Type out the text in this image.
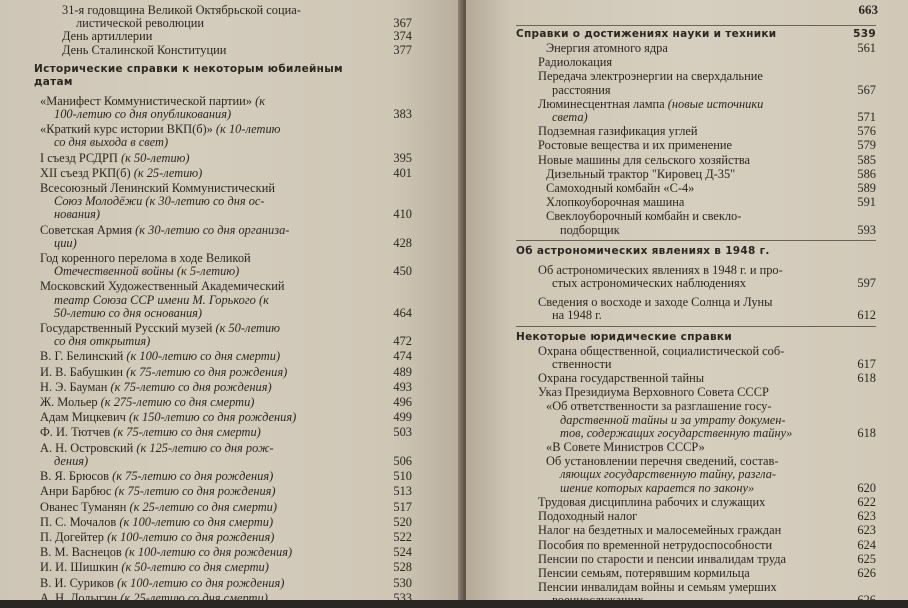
31-я годовщина Великой Октябрьской социа-
листической революции	367
День артиллерии	374
День Сталинской Конституции	377
Исторические справки к некоторым юбилейным датам
«Манифест Коммунистической партии» (к
100-летию со дня опубликования)	383
«Краткий курс истории ВКП(б)» (к 10-летию
со дня выхода в свет)
I съезд РСДРП (к 50-летию)	395
XII съезд РКП(б) (к 25-летию)	401
Всесоюзный Ленинский Коммунистический
Союз Молодёжи (к 30-летию со дня ос-
нования)	410
Советская Армия (к 30-летию со дня организа-
ции)	428
Год коренного перелома в ходе Великой
Отечественной войны (к 5-летию)	450
Московский Художественный Академический
театр Союза ССР имени М. Горького (к
50-летию со дня основания)	464
Государственный Русский музей (к 50-летию
со дня открытия)	472
В. Г. Белинский (к 100-летию со дня смерти)	474
И. В. Бабушкин (к 75-летию со дня рождения)	489
Н. Э. Бауман (к 75-летию со дня рождения)	493
Ж. Мольер (к 275-летию со дня смерти)	496
Адам Мицкевич (к 150-летию со дня рождения)	499
Ф. И. Тютчев (к 75-летию со дня смерти)	503
А. Н. Островский (к 125-летию со дня рож-
дения)	506
В. Я. Брюсов (к 75-летию со дня рождения)	510
Анри Барбюс (к 75-летию со дня рождения)	513
Ованес Туманян (к 25-летию со дня смерти)	517
П. С. Мочалов (к 100-летию со дня смерти)	520
П. Догейтер (к 100-летию со дня рождения)	522
В. М. Васнецов (к 100-летию со дня рождения)	524
И. И. Шишкин (к 50-летию со дня смерти)	528
В. И. Суриков (к 100-летию со дня рождения)	530
А. Н. Лодыгин (к 25-летию со дня смерти)	533
663
Справки о достижениях науки и техники	539
Энергия атомного ядра	561
Радиолокация
Передача электроэнергии на сверхдальние
расстояния	567
Люминесцентная лампа (новые источники
света)	571
Подземная газификация углей	576
Ростовые вещества и их применение	579
Новые машины для сельского хозяйства	585
Дизельный трактор "Кировец Д-35"	586
Самоходный комбайн «С-4»	589
Хлопкоуборочная машина	591
Свеклоуборочный комбайн и свекло-
подборщик	593
Об астрономических явлениях в 1948 г.
Об астрономических явлениях в 1948 г. и про-
стых астрономических наблюдениях	597
Сведения о восходе и заходе Солнца и Луны
на 1948 г.	612
Некоторые юридические справки
Охрана общественной, социалистической соб-
ственности	617
Охрана государственной тайны	618
Указ Президиума Верховного Совета СССР
«Об ответственности за разглашение госу-
дарственной тайны и за утрату докумен-
тов, содержащих государственную тайну»	618
«В Совете Министров СССР»
Об установлении перечня сведений, состав-
ляющих государственную тайну, разгла-
шение которых карается по закону»	620
Трудовая дисциплина рабочих и служащих	622
Подоходный налог	623
Налог на бездетных и малосемейных граждан	623
Пособия по временной нетрудоспособности	624
Пенсии по старости и пенсии инвалидам труда	625
Пенсии семьям, потерявшим кормильца	626
Пенсии инвалидам войны и семьям умерших
военнослужащих	626
